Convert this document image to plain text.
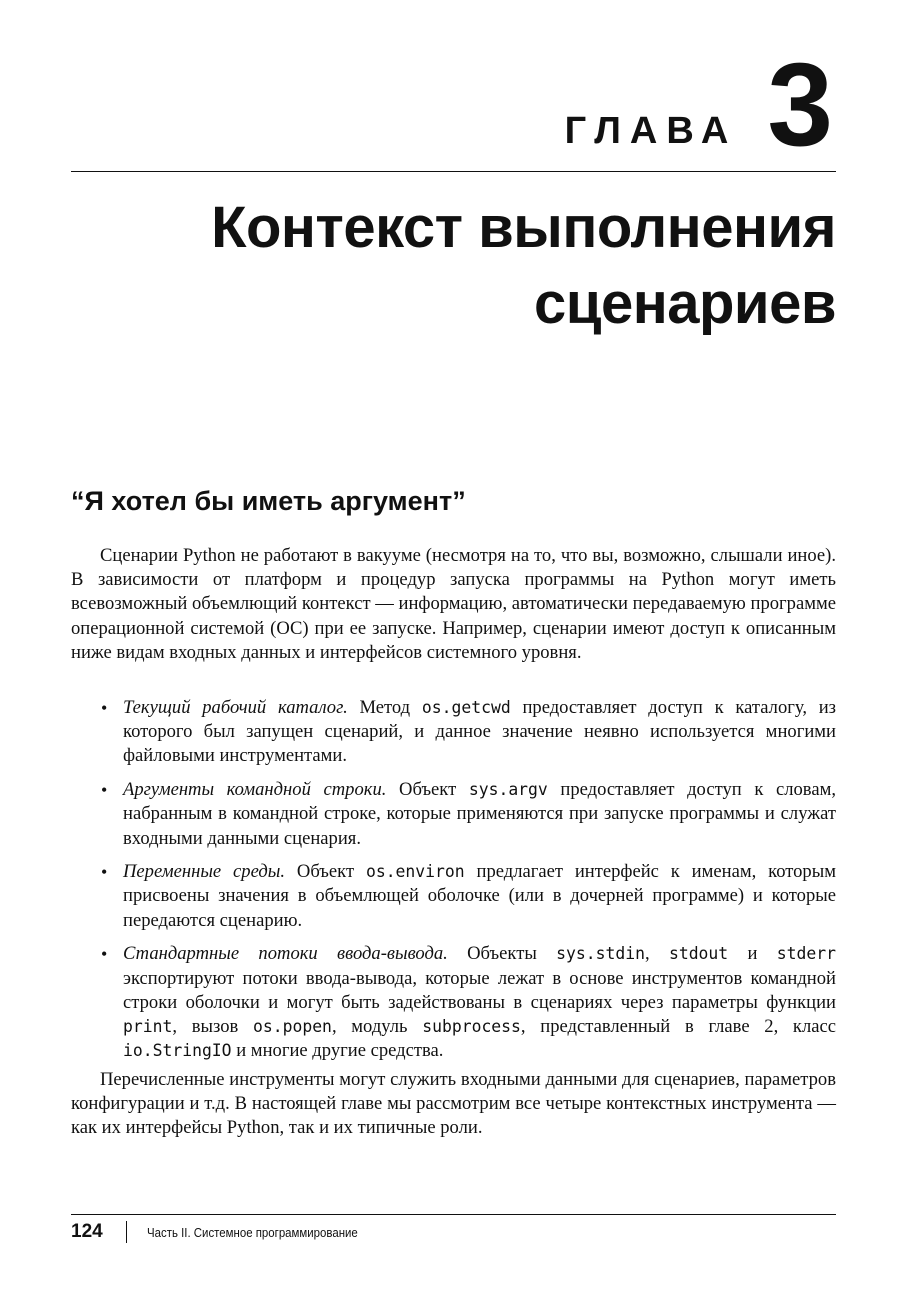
ГЛАВА 3
Контекст выполнения
сценариев
“Я хотел бы иметь аргумент”

Сценарии Python не работают в вакууме (несмотря на то, что вы, возможно, слышали иное). В зависимости от платформ и процедур запуска программы на Python могут иметь всевозможный объемлющий контекст — информацию, автоматически передаваемую программе операционной системой (ОС) при ее запуске. Например, сценарии имеют доступ к описанным ниже видам входных данных и интерфейсов системного уровня.

• Текущий рабочий каталог. Метод os.getcwd предоставляет доступ к каталогу, из которого был запущен сценарий, и данное значение неявно используется многими файловыми инструментами.
• Аргументы командной строки. Объект sys.argv предоставляет доступ к словам, набранным в командной строке, которые применяются при запуске программы и служат входными данными сценария.
• Переменные среды. Объект os.environ предлагает интерфейс к именам, которым присвоены значения в объемлющей оболочке (или в дочерней программе) и которые передаются сценарию.
• Стандартные потоки ввода-вывода. Объекты sys.stdin, stdout и stderr экспортируют потоки ввода-вывода, которые лежат в основе инструментов командной строки оболочки и могут быть задействованы в сценариях через параметры функции print, вызов os.popen, модуль subprocess, представленный в главе 2, класс io.StringIO и многие другие средства.

Перечисленные инструменты могут служить входными данными для сценариев, параметров конфигурации и т.д. В настоящей главе мы рассмотрим все четыре контекстных инструмента — как их интерфейсы Python, так и их типичные роли.

124	Часть II. Системное программирование
